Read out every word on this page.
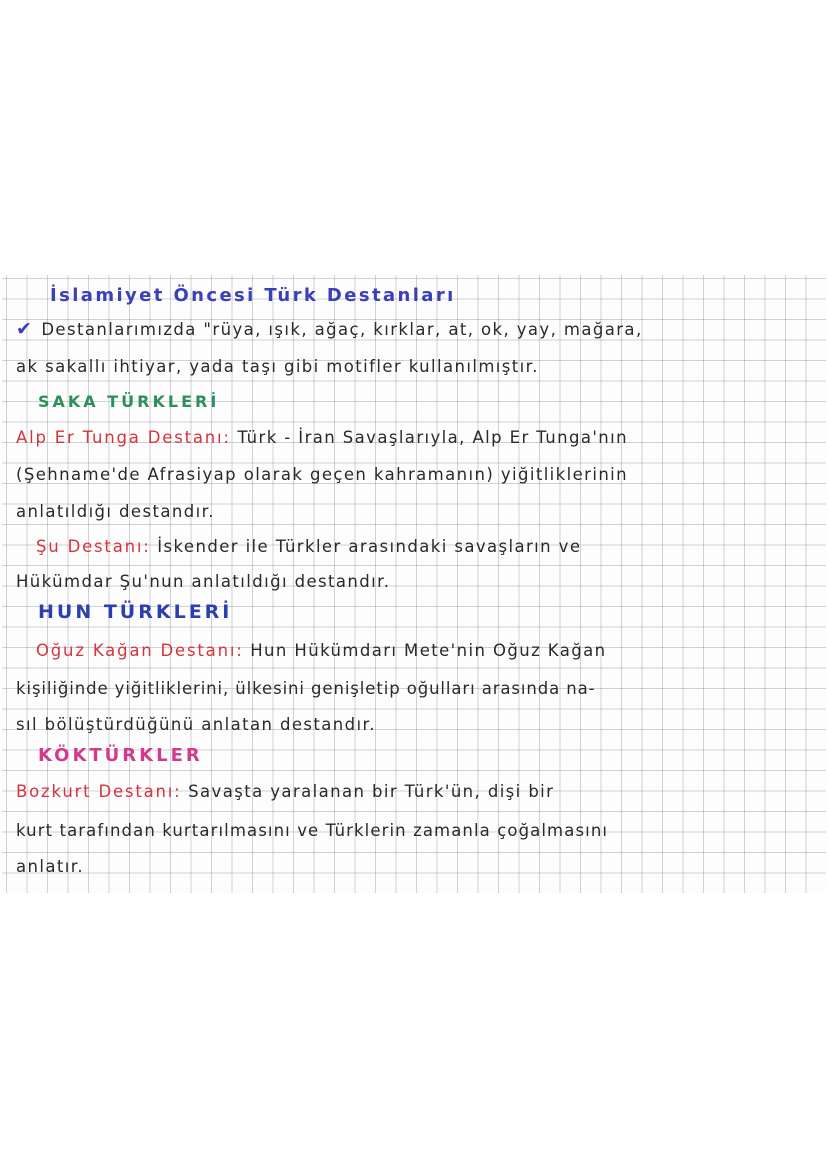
İslamiyet Öncesi Türk Destanları
✔ Destanlarımızda "rüya, ışık, ağaç, kırklar, at, ok, yay, mağara,
ak sakallı ihtiyar, yada taşı gibi motifler kullanılmıştır.
SAKA TÜRKLERİ
Alp Er Tunga Destanı: Türk - İran Savaşlarıyla, Alp Er Tunga'nın
(Şehname'de Afrasiyap olarak geçen kahramanın) yiğitliklerinin
anlatıldığı destandır.
Şu Destanı: İskender ile Türkler arasındaki savaşların ve
Hükümdar Şu'nun anlatıldığı destandır.
HUN TÜRKLERİ
Oğuz Kağan Destanı: Hun Hükümdarı Mete'nin Oğuz Kağan
kişiliğinde yiğitliklerini, ülkesini genişletip oğulları arasında na-
sıl bölüştürdüğünü anlatan destandır.
KÖKTÜRKLER
Bozkurt Destanı: Savaşta yaralanan bir Türk'ün, dişi bir
kurt tarafından kurtarılmasını ve Türklerin zamanla çoğalmasını
anlatır.
